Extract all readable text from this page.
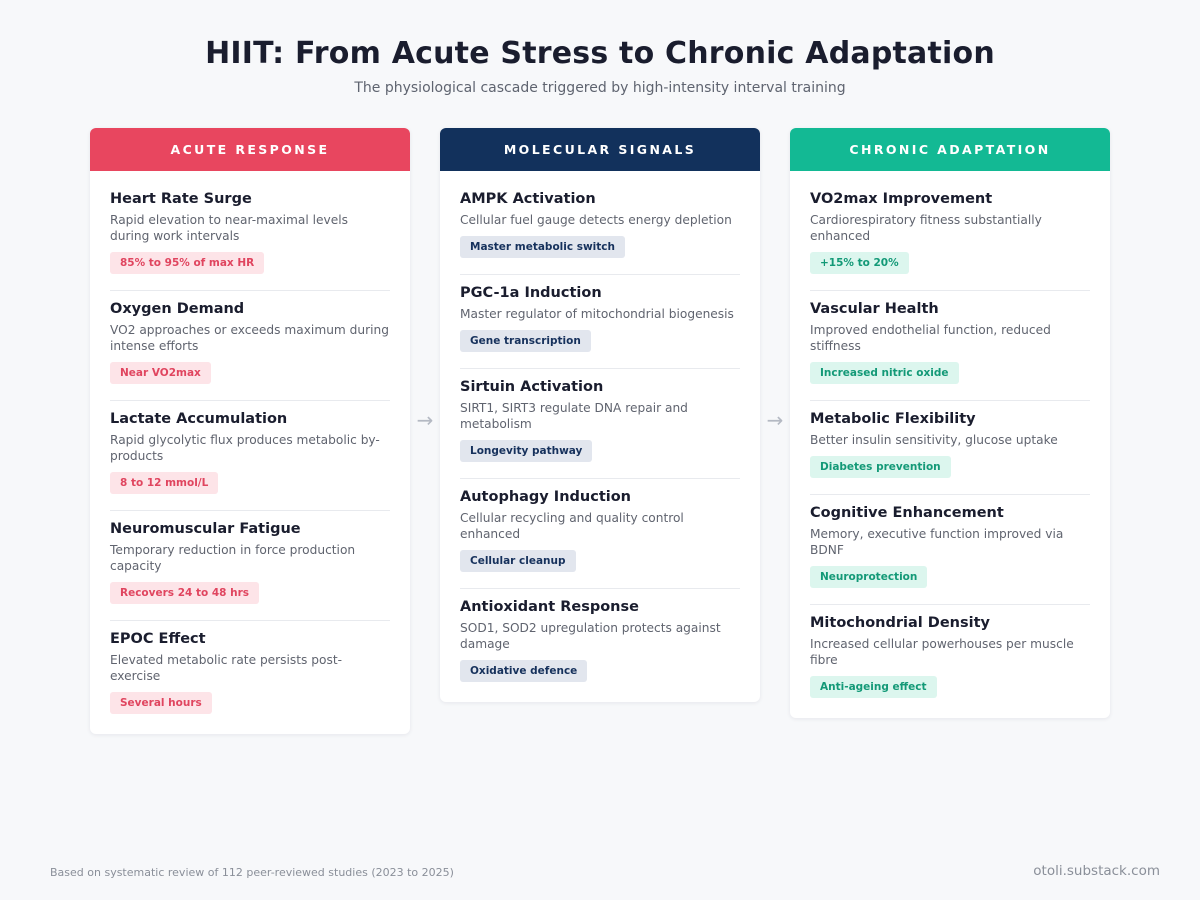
HIIT: From Acute Stress to Chronic Adaptation
The physiological cascade triggered by high-intensity interval training
ACUTE RESPONSE
Heart Rate Surge
Rapid elevation to near-maximal levels during work intervals
85% to 95% of max HR
Oxygen Demand
VO2 approaches or exceeds maximum during intense efforts
Near VO2max
Lactate Accumulation
Rapid glycolytic flux produces metabolic by-products
8 to 12 mmol/L
Neuromuscular Fatigue
Temporary reduction in force production capacity
Recovers 24 to 48 hrs
EPOC Effect
Elevated metabolic rate persists post-exercise
Several hours
→
MOLECULAR SIGNALS
AMPK Activation
Cellular fuel gauge detects energy depletion
Master metabolic switch
PGC-1a Induction
Master regulator of mitochondrial biogenesis
Gene transcription
Sirtuin Activation
SIRT1, SIRT3 regulate DNA repair and metabolism
Longevity pathway
Autophagy Induction
Cellular recycling and quality control enhanced
Cellular cleanup
Antioxidant Response
SOD1, SOD2 upregulation protects against damage
Oxidative defence
→
CHRONIC ADAPTATION
VO2max Improvement
Cardiorespiratory fitness substantially enhanced
+15% to 20%
Vascular Health
Improved endothelial function, reduced stiffness
Increased nitric oxide
Metabolic Flexibility
Better insulin sensitivity, glucose uptake
Diabetes prevention
Cognitive Enhancement
Memory, executive function improved via BDNF
Neuroprotection
Mitochondrial Density
Increased cellular powerhouses per muscle fibre
Anti-ageing effect
Based on systematic review of 112 peer-reviewed studies (2023 to 2025)	otoli.substack.com
